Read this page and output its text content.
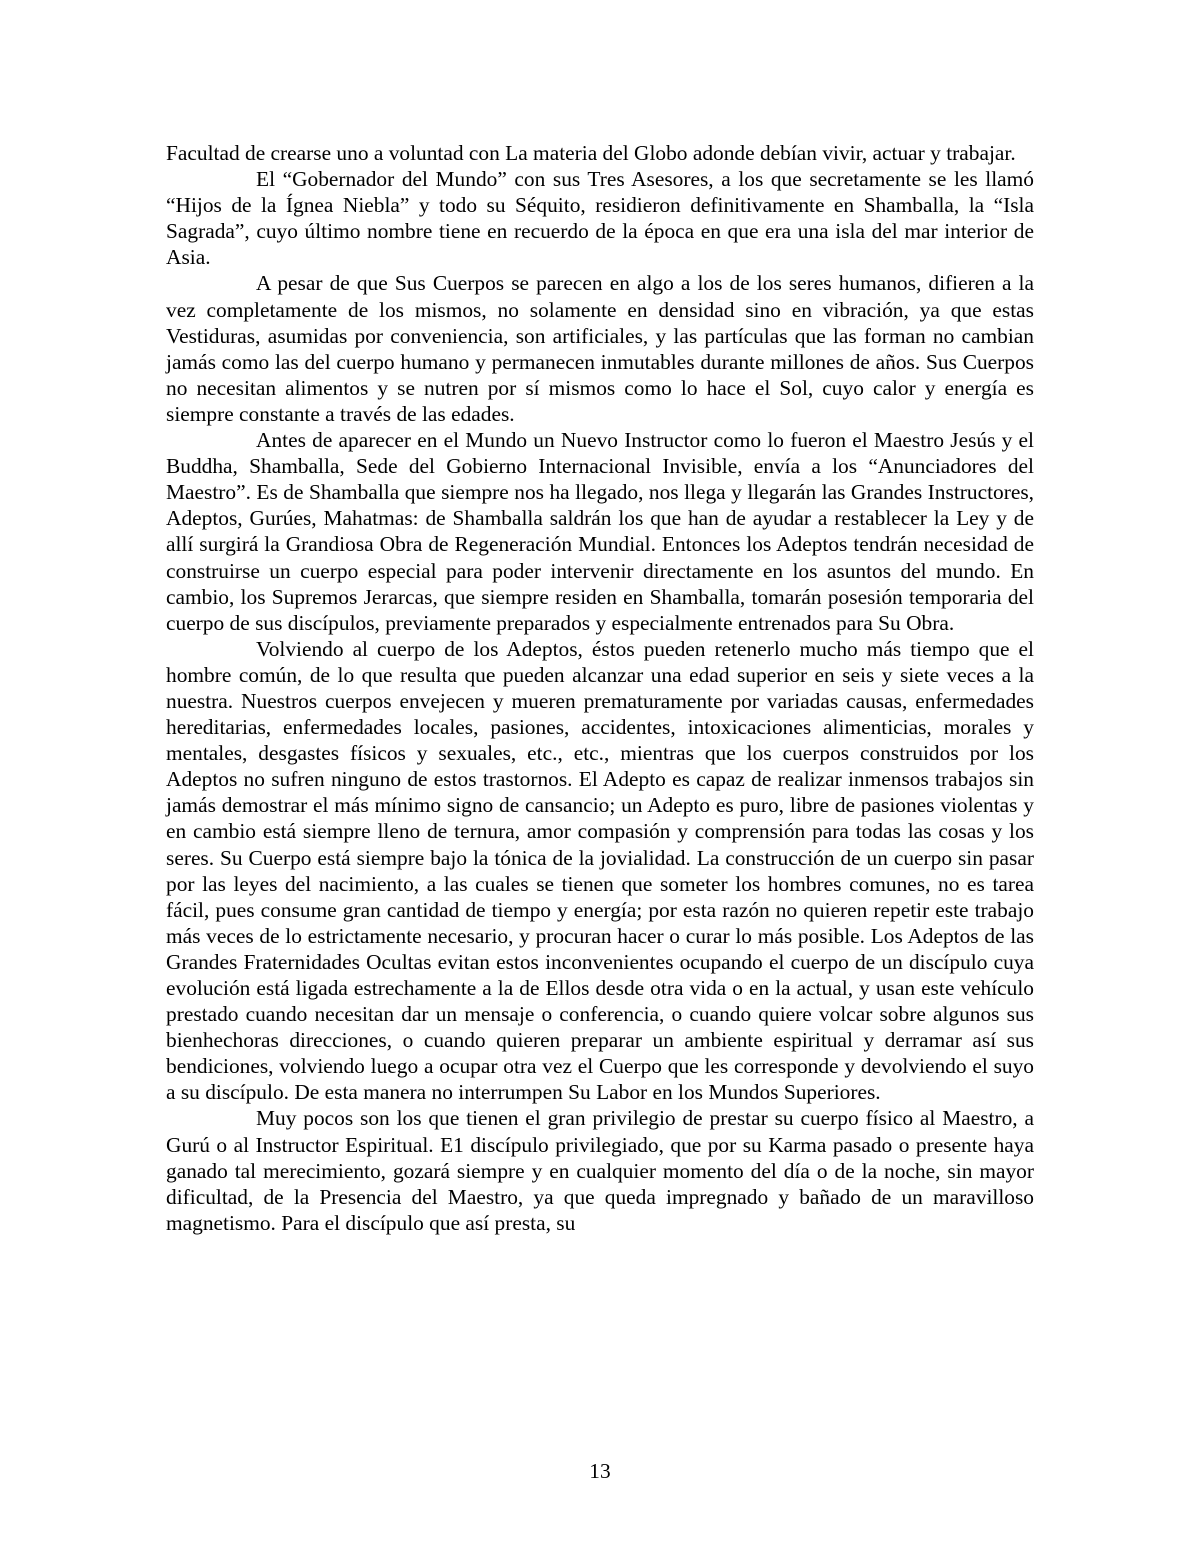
Facultad de crearse uno a voluntad con La materia del Globo adonde debían vivir, actuar y trabajar.

El “Gobernador del Mundo” con sus Tres Asesores, a los que secretamente se les llamó “Hijos de la Ígnea Niebla” y todo su Séquito, residieron definitivamente en Shamballa, la “Isla Sagrada”, cuyo último nombre tiene en recuerdo de la época en que era una isla del mar interior de Asia.

A pesar de que Sus Cuerpos se parecen en algo a los de los seres humanos, difieren a la vez completamente de los mismos, no solamente en densidad sino en vibración, ya que estas Vestiduras, asumidas por conveniencia, son artificiales, y las partículas que las forman no cambian jamás como las del cuerpo humano y permanecen inmutables durante millones de años. Sus Cuerpos no necesitan alimentos y se nutren por sí mismos como lo hace el Sol, cuyo calor y energía es siempre constante a través de las edades.

Antes de aparecer en el Mundo un Nuevo Instructor como lo fueron el Maestro Jesús y el Buddha, Shamballa, Sede del Gobierno Internacional Invisible, envía a los “Anunciadores del Maestro”. Es de Shamballa que siempre nos ha llegado, nos llega y llegarán las Grandes Instructores, Adeptos, Gurúes, Mahatmas: de Shamballa saldrán los que han de ayudar a restablecer la Ley y de allí surgirá la Grandiosa Obra de Regeneración Mundial. Entonces los Adeptos tendrán necesidad de construirse un cuerpo especial para poder intervenir directamente en los asuntos del mundo. En cambio, los Supremos Jerarcas, que siempre residen en Shamballa, tomarán posesión temporaria del cuerpo de sus discípulos, previamente preparados y especialmente entrenados para Su Obra.

Volviendo al cuerpo de los Adeptos, éstos pueden retenerlo mucho más tiempo que el hombre común, de lo que resulta que pueden alcanzar una edad superior en seis y siete veces a la nuestra. Nuestros cuerpos envejecen y mueren prematuramente por variadas causas, enfermedades hereditarias, enfermedades locales, pasiones, accidentes, intoxicaciones alimenticias, morales y mentales, desgastes físicos y sexuales, etc., etc., mientras que los cuerpos construidos por los Adeptos no sufren ninguno de estos trastornos. El Adepto es capaz de realizar inmensos trabajos sin jamás demostrar el más mínimo signo de cansancio; un Adepto es puro, libre de pasiones violentas y en cambio está siempre lleno de ternura, amor compasión y comprensión para todas las cosas y los seres. Su Cuerpo está siempre bajo la tónica de la jovialidad. La construcción de un cuerpo sin pasar por las leyes del nacimiento, a las cuales se tienen que someter los hombres comunes, no es tarea fácil, pues consume gran cantidad de tiempo y energía; por esta razón no quieren repetir este trabajo más veces de lo estrictamente necesario, y procuran hacer o curar lo más posible. Los Adeptos de las Grandes Fraternidades Ocultas evitan estos inconvenientes ocupando el cuerpo de un discípulo cuya evolución está ligada estrechamente a la de Ellos desde otra vida o en la actual, y usan este vehículo prestado cuando necesitan dar un mensaje o conferencia, o cuando quiere volcar sobre algunos sus bienhechoras direcciones, o cuando quieren preparar un ambiente espiritual y derramar así sus bendiciones, volviendo luego a ocupar otra vez el Cuerpo que les corresponde y devolviendo el suyo a su discípulo. De esta manera no interrumpen Su Labor en los Mundos Superiores.

Muy pocos son los que tienen el gran privilegio de prestar su cuerpo físico al Maestro, a Gurú o al Instructor Espiritual. E1 discípulo privilegiado, que por su Karma pasado o presente haya ganado tal merecimiento, gozará siempre y en cualquier momento del día o de la noche, sin mayor dificultad, de la Presencia del Maestro, ya que queda impregnado y bañado de un maravilloso magnetismo. Para el discípulo que así presta, su

13
